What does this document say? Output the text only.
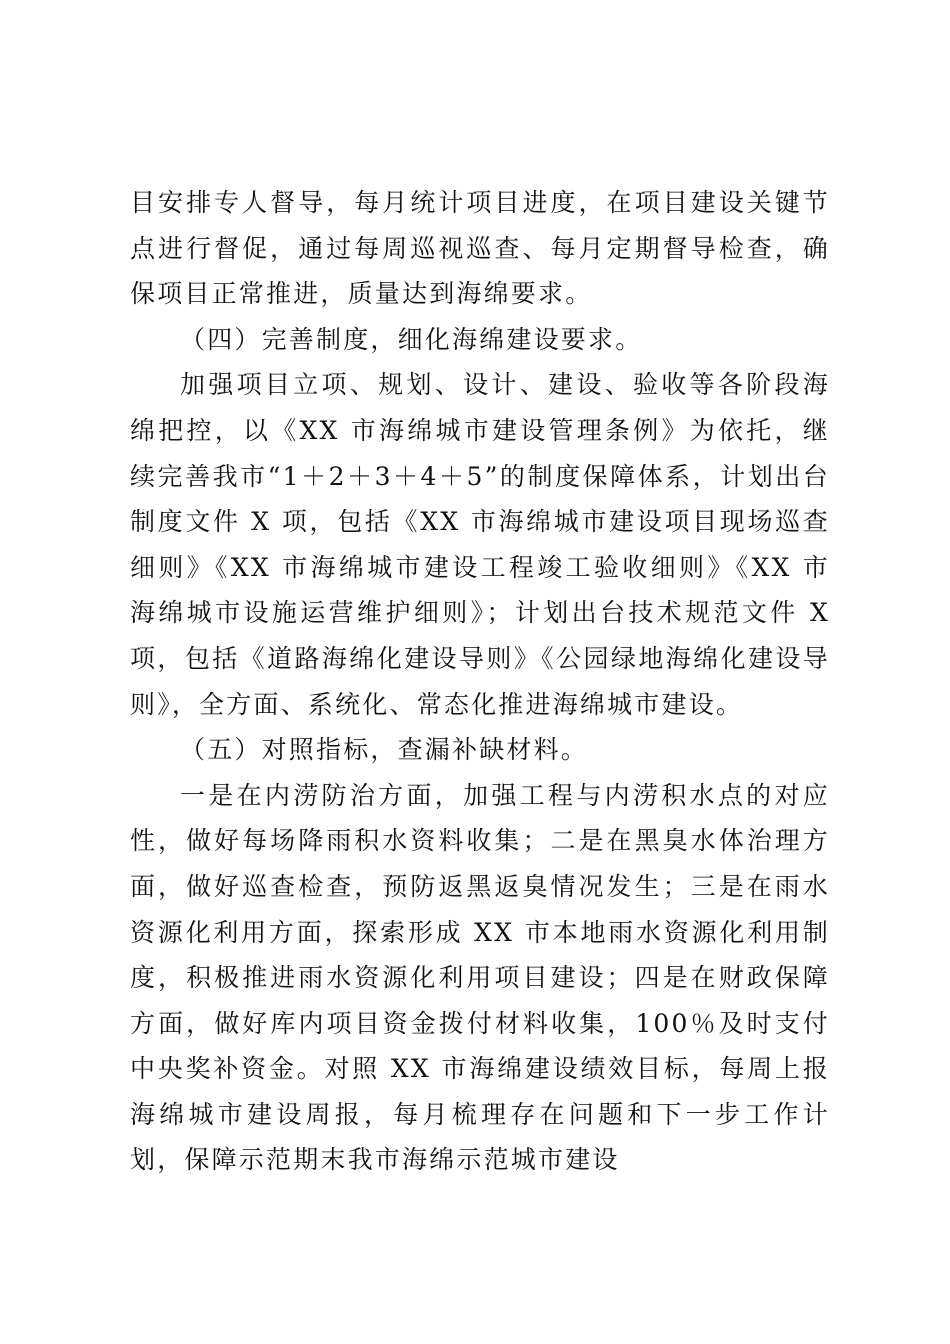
目安排专人督导，每月统计项目进度，在项目建设关键节点进行督促，通过每周巡视巡查、每月定期督导检查，确保项目正常推进，质量达到海绵要求。

（四）完善制度，细化海绵建设要求。

加强项目立项、规划、设计、建设、验收等各阶段海绵把控，以《XX 市海绵城市建设管理条例》为依托，继续完善我市“1＋2＋3＋4＋5”的制度保障体系，计划出台制度文件 X 项，包括《XX 市海绵城市建设项目现场巡查细则》《XX 市海绵城市建设工程竣工验收细则》《XX 市海绵城市设施运营维护细则》；计划出台技术规范文件 X 项，包括《道路海绵化建设导则》《公园绿地海绵化建设导则》，全方面、系统化、常态化推进海绵城市建设。

（五）对照指标，查漏补缺材料。

一是在内涝防治方面，加强工程与内涝积水点的对应性，做好每场降雨积水资料收集；二是在黑臭水体治理方面，做好巡查检查，预防返黑返臭情况发生；三是在雨水资源化利用方面，探索形成 XX 市本地雨水资源化利用制度，积极推进雨水资源化利用项目建设；四是在财政保障方面，做好库内项目资金拨付材料收集，100％及时支付中央奖补资金。对照 XX 市海绵建设绩效目标，每周上报海绵城市建设周报，每月梳理存在问题和下一步工作计划，保障示范期末我市海绵示范城市建设
